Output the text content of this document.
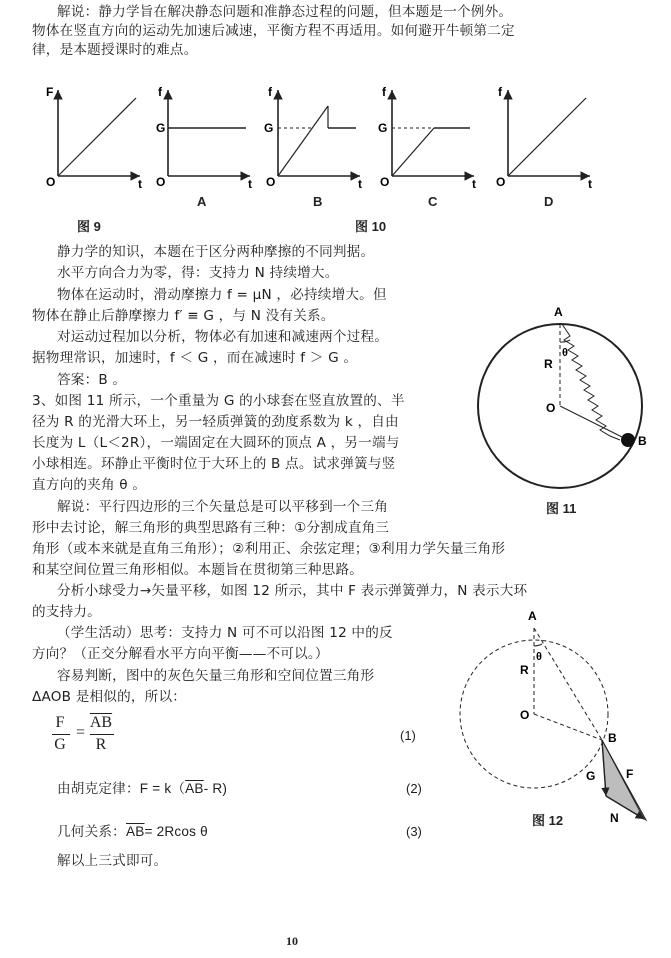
解说：静力学旨在解决静态问题和准静态过程的问题，但本题是一个例外。
物体在竖直方向的运动先加速后减速，平衡方程不再适用。如何避开牛顿第二定
律，是本题授课时的难点。
F
t
O
图 9
f
G
t
O
A
f
G
t
O
B
f
G
t
O
C
f
t
O
D
图 10
静力学的知识，本题在于区分两种摩擦的不同判据。
水平方向合力为零，得：支持力 N 持续增大。
物体在运动时，滑动摩擦力 f = μN ，必持续增大。但
物体在静止后静摩擦力 f′ ≡ G ，与 N 没有关系。
对运动过程加以分析，物体必有加速和减速两个过程。
据物理常识，加速时，f ＜ G ，而在减速时 f ＞ G 。
答案：B 。
3、如图 11 所示，一个重量为 G 的小球套在竖直放置的、半
径为 R 的光滑大环上，另一轻质弹簧的劲度系数为 k ，自由
长度为 L（L＜2R），一端固定在大圆环的顶点 A ，另一端与
小球相连。环静止平衡时位于大环上的 B 点。试求弹簧与竖
直方向的夹角 θ 。
A
θ
R
O
B
图 11
解说：平行四边形的三个矢量总是可以平移到一个三角
形中去讨论，解三角形的典型思路有三种：①分割成直角三
角形（或本来就是直角三角形）；②利用正、余弦定理；③利用力学矢量三角形
和某空间位置三角形相似。本题旨在贯彻第三种思路。
分析小球受力→矢量平移，如图 12 所示，其中 F 表示弹簧弹力，N 表示大环
的支持力。
（学生活动）思考：支持力 N 可不可以沿图 12 中的反
方向？（正交分解看水平方向平衡——不可以。）
容易判断，图中的灰色矢量三角形和空间位置三角形
ΔAOB 是相似的，所以：
A
θ
R
O
B
G	F
N
图 12
F
G
=
$\overline{AB}$
R
(1)
由胡克定律：$F = k(\overline{AB}-$ R)	(2)
几何关系：$\overline{AB}= 2Rcos$ θ	(3)
解以上三式即可。
10
